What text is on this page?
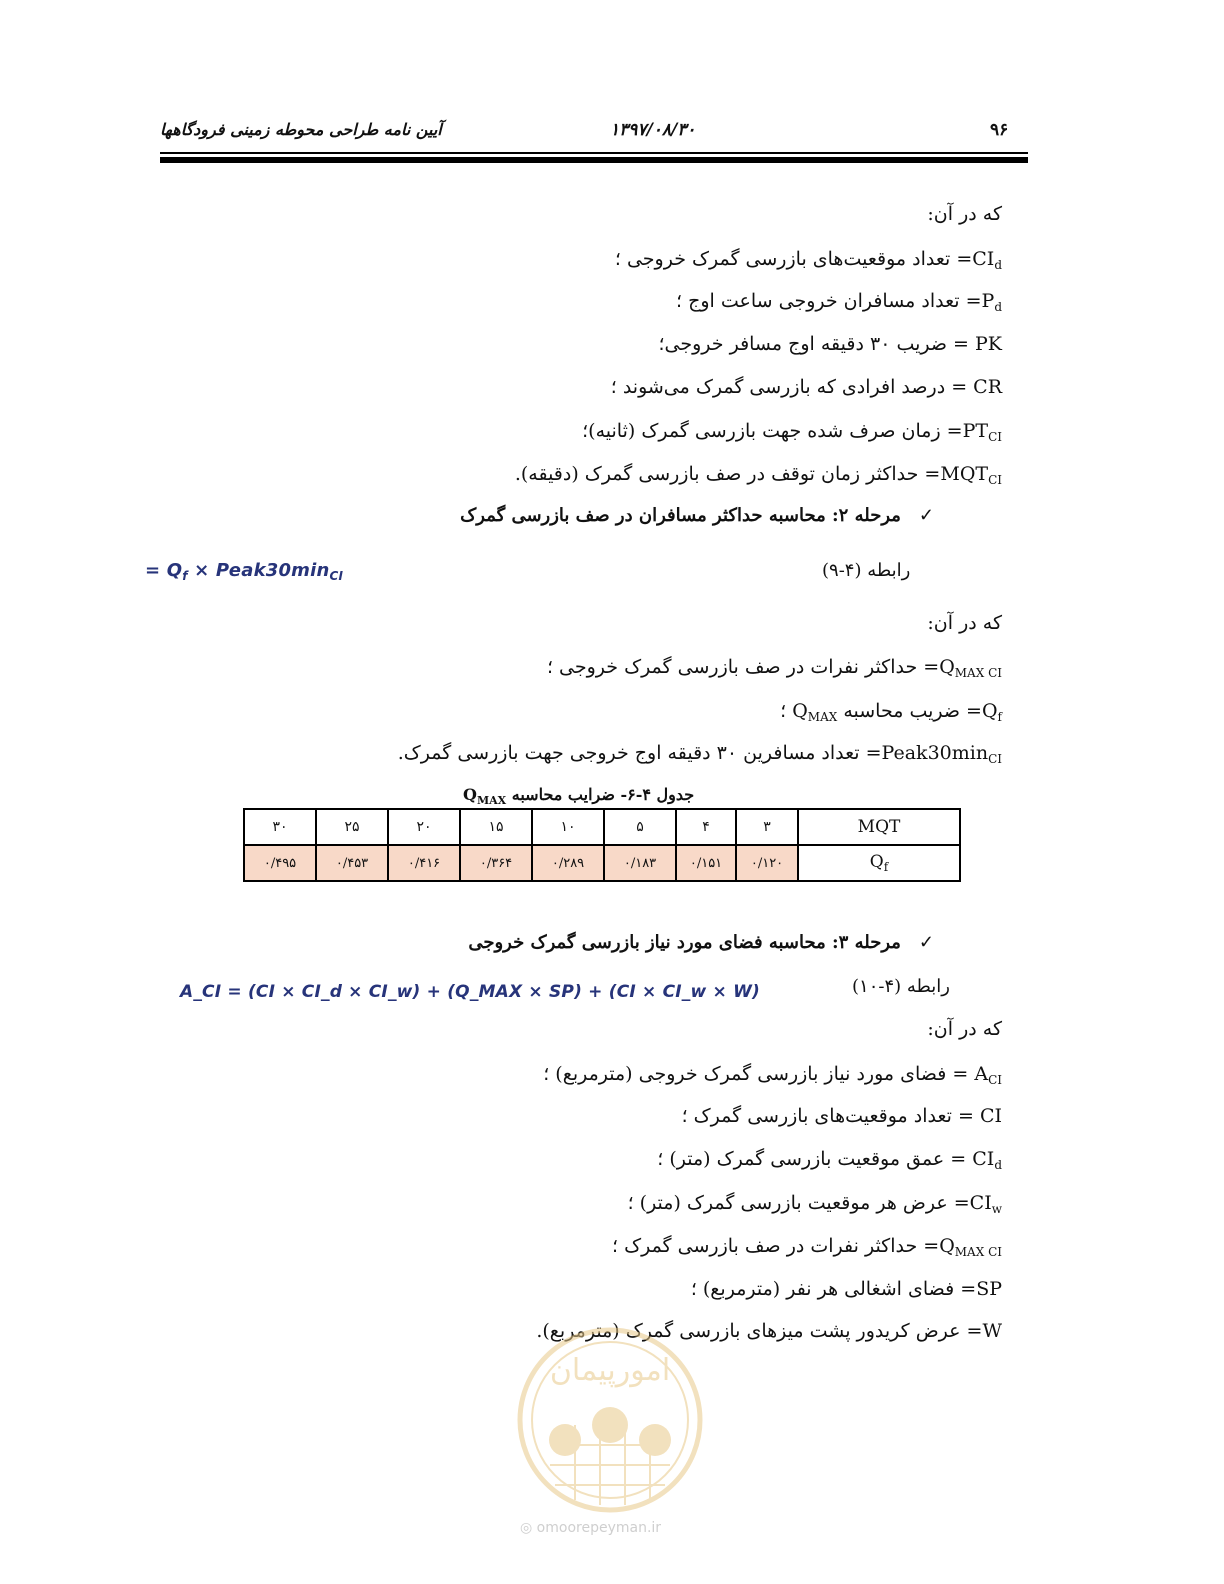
۹۶
۱۳۹۷/۰۸/۳۰
آیین نامه طراحی محوطه زمینی فرودگاهها
که در آن:
$CI_d=$ تعداد موقعیت‌های بازرسی گمرک خروجی ؛
$P_d=$ تعداد مسافران خروجی ساعت اوج ؛
PK = ضریب ۳۰ دقیقه اوج مسافر خروجی؛
CR = درصد افرادی که بازرسی گمرک می‌شوند ؛
$PT_{CI}=$ زمان صرف شده جهت بازرسی گمرک (ثانیه)؛
$MQT_{CI}=$ حداکثر زمان توقف در صف بازرسی گمرک (دقیقه).
✓مرحله ۲: محاسبه حداکثر مسافران در صف بازرسی گمرک
رابطه (۴-۹)
= $Q_f$ × $Peak30\min_{CI}$
که در آن:
$Q_{MAX CI}=$ حداکثر نفرات در صف بازرسی گمرک خروجی ؛
$Q_f=$ ضریب محاسبه $Q_{MAX}$ ؛
$Peak30\min_{CI}=$ تعداد مسافرین ۳۰ دقیقه اوج خروجی جهت بازرسی گمرک.
جدول ۴-۶- ضرایب محاسبه $Q_{MAX}$
۳۰	۲۵	۲۰	۱۵	۱۰	۵	۴	۳	MQT
۰/۴۹۵	۰/۴۵۳	۰/۴۱۶	۰/۳۶۴	۰/۲۸۹	۰/۱۸۳	۰/۱۵۱	۰/۱۲۰	$Q_f$
✓مرحله ۳: محاسبه فضای مورد نیاز بازرسی گمرک خروجی
رابطه (۴-۱۰)
A_CI = (CI × CI_d × CI_w) + (Q_MAX × SP) + (CI × CI_w × W)
که در آن:
$A_{CI}$ = فضای مورد نیاز بازرسی گمرک خروجی (مترمربع) ؛
CI = تعداد موقعیت‌های بازرسی گمرک ؛
$CI_d$ = عمق موقعیت بازرسی گمرک (متر) ؛
$CI_w=$ عرض هر موقعیت بازرسی گمرک (متر) ؛
$Q_{MAX CI}=$ حداکثر نفرات در صف بازرسی گمرک ؛
SP= فضای اشغالی هر نفر (مترمربع) ؛
W= عرض کریدور پشت میزهای بازرسی گمرک (مترمربع).
امورپیمان
◎ omoorepeyman.ir
